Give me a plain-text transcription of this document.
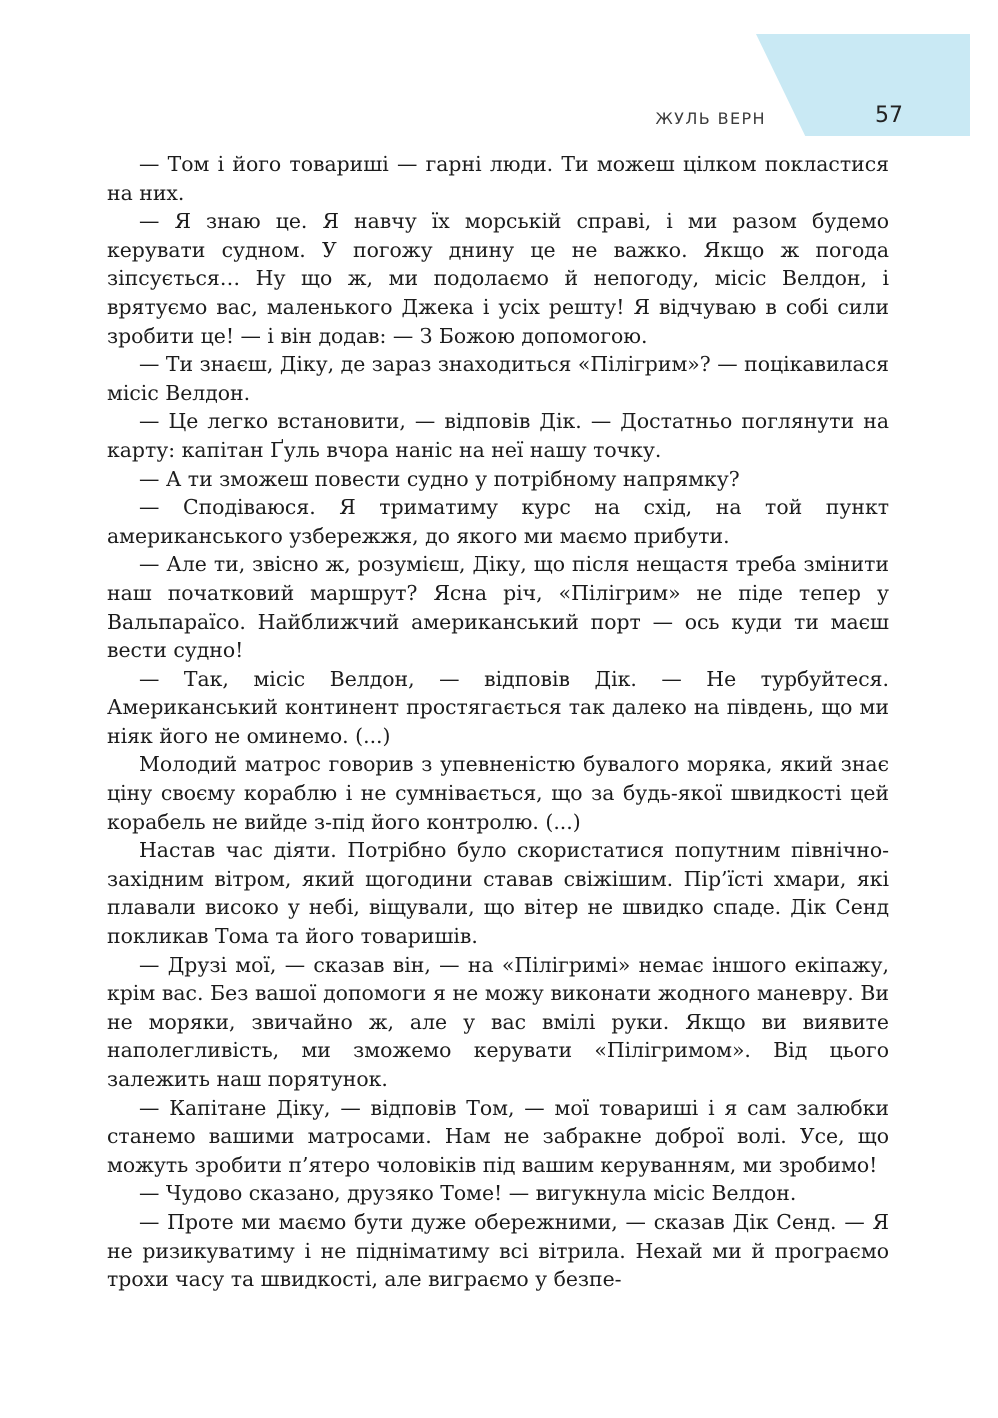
ЖУЛЬ ВЕРН	57

— Том і його товариші — гарні люди. Ти можеш цілком покластися на них.

— Я знаю це. Я навчу їх морській справі, і ми разом будемо керувати судном. У погожу днину це не важко. Якщо ж погода зіпсується… Ну що ж, ми подолаємо й непогоду, місіс Велдон, і врятуємо вас, маленького Джека і усіх решту! Я відчуваю в собі сили зробити це! — і він додав: — З Божою допомогою.

— Ти знаєш, Діку, де зараз знаходиться «Пілігрим»? — поцікавилася місіс Велдон.

— Це легко встановити, — відповів Дік. — Достатньо поглянути на карту: капітан Ґуль вчора наніс на неї нашу точку.

— А ти зможеш повести судно у потрібному напрямку?

— Сподіваюся. Я триматиму курс на схід, на той пункт американського узбережжя, до якого ми маємо прибути.

— Але ти, звісно ж, розумієш, Діку, що після нещастя треба змінити наш початковий маршрут? Ясна річ, «Пілігрим» не піде тепер у Вальпараїсо. Найближчий американський порт — ось куди ти маєш вести судно!

— Так, місіс Велдон, — відповів Дік. — Не турбуйтеся. Американський континент простягається так далеко на південь, що ми ніяк його не оминемо. (...)

Молодий матрос говорив з упевненістю бувалого моряка, який знає ціну своєму кораблю і не сумнівається, що за будь-якої швидкості цей корабель не вийде з-під його контролю. (...)

Настав час діяти. Потрібно було скористатися попутним північно-західним вітром, який щогодини ставав свіжішим. Пір’їсті хмари, які плавали високо у небі, віщували, що вітер не швидко спаде. Дік Сенд покликав Тома та його товаришів.

— Друзі мої, — сказав він, — на «Пілігримі» немає іншого екіпажу, крім вас. Без вашої допомоги я не можу виконати жодного маневру. Ви не моряки, звичайно ж, але у вас вмілі руки. Якщо ви виявите наполегливість, ми зможемо керувати «Пілігримом». Від цього залежить наш порятунок.

— Капітане Діку, — відповів Том, — мої товариші і я сам залюбки станемо вашими матросами. Нам не забракне доброї волі. Усе, що можуть зробити п’ятеро чоловіків під вашим керуванням, ми зробимо!

— Чудово сказано, друзяко Томе! — вигукнула місіс Велдон.

— Проте ми маємо бути дуже обережними, — сказав Дік Сенд. — Я не ризикуватиму і не підніматиму всі вітрила. Нехай ми й програємо трохи часу та швидкості, але виграємо у безпе-
